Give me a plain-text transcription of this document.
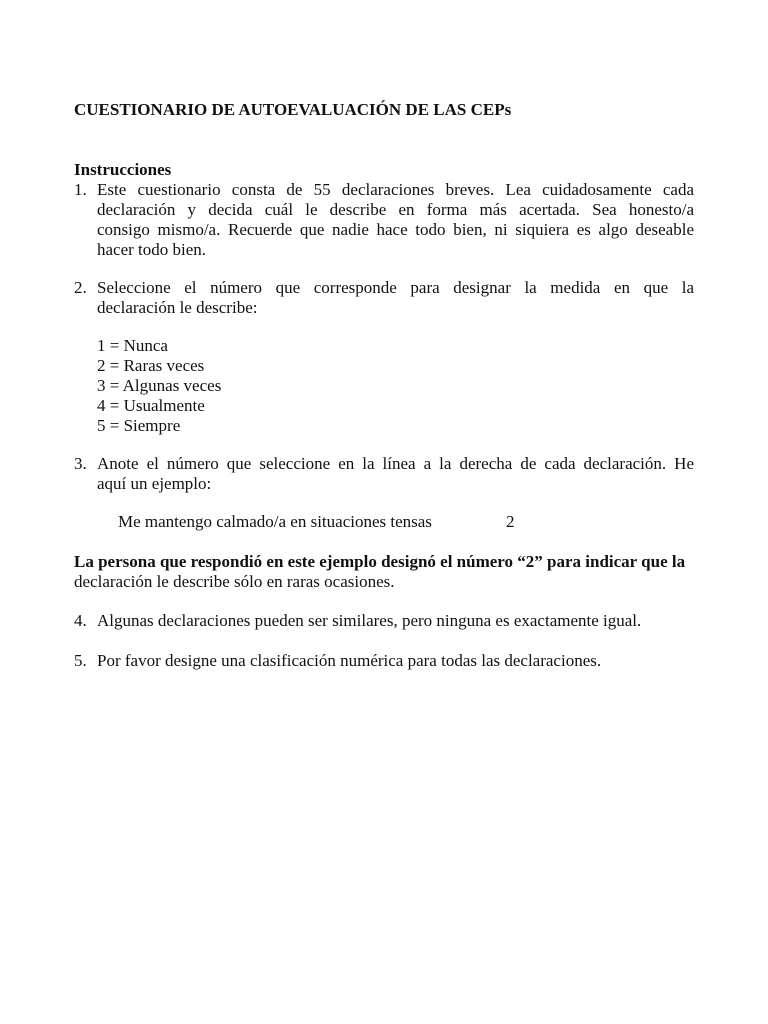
CUESTIONARIO DE AUTOEVALUACIÓN DE LAS CEPs
Instrucciones
1. Este cuestionario consta de 55 declaraciones breves. Lea cuidadosamente cada
declaración y decida cuál le describe en forma más acertada. Sea honesto/a
consigo mismo/a. Recuerde que nadie hace todo bien, ni siquiera es algo deseable
hacer todo bien.
2. Seleccione el número que corresponde para designar la medida en que la
declaración le describe:
1 = Nunca
2 = Raras veces
3 = Algunas veces
4 = Usualmente
5 = Siempre
3. Anote el número que seleccione en la línea a la derecha de cada declaración. He
aquí un ejemplo:
Me mantengo calmado/a en situaciones tensas	2
La persona que respondió en este ejemplo designó el número “2” para indicar que la
declaración le describe sólo en raras ocasiones.
4. Algunas declaraciones pueden ser similares, pero ninguna es exactamente igual.
5. Por favor designe una clasificación numérica para todas las declaraciones.
